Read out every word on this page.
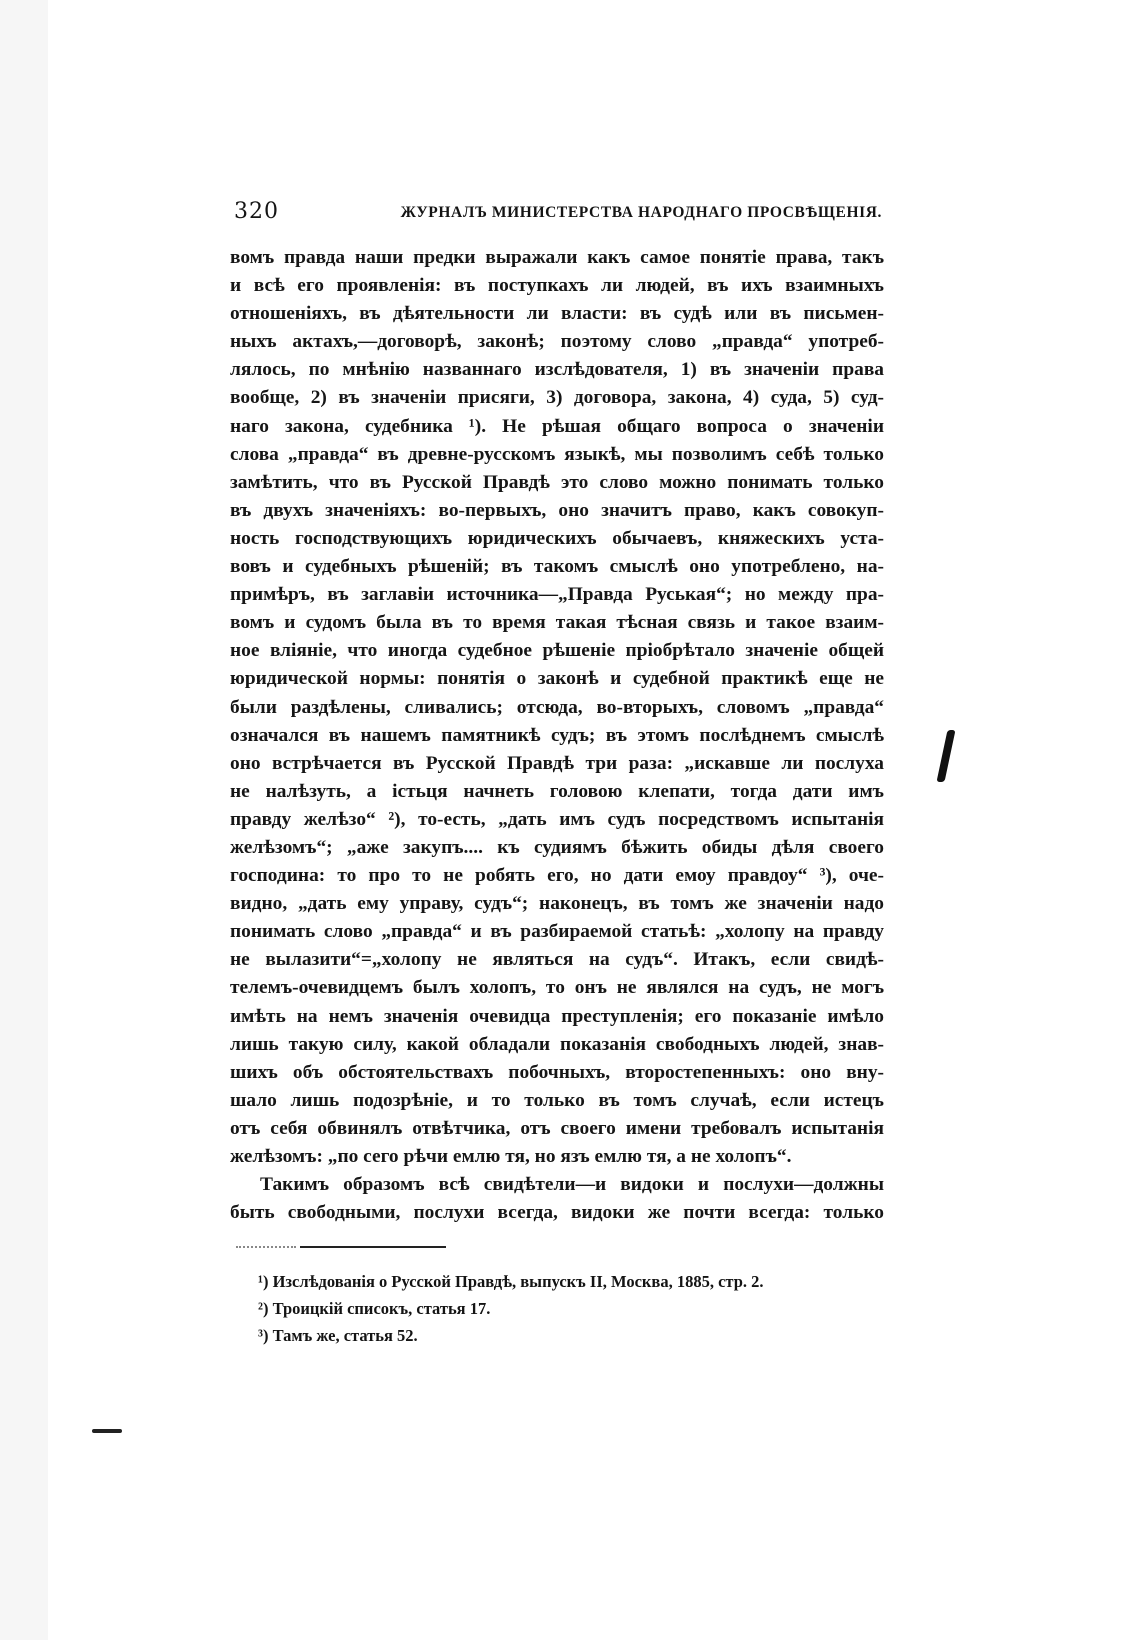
320	ЖУРНАЛЪ МИНИСТЕРСТВА НАРОДНАГО ПРОСВѢЩЕНІЯ.
вомъ правда наши предки выражали какъ самое понятіе права, такъ
и всѣ его проявленія: въ поступкахъ ли людей, въ ихъ взаимныхъ
отношеніяхъ, въ дѣятельности ли власти: въ судѣ или въ письмен-
ныхъ актахъ,—договорѣ, законѣ; поэтому слово „правда“ употреб-
лялось, по мнѣнію названнаго изслѣдователя, 1) въ значеніи права
вообще, 2) въ значеніи присяги, 3) договора, закона, 4) суда, 5) суд-
наго закона, судебника ¹). Не рѣшая общаго вопроса о значеніи
слова „правда“ въ древне-русскомъ языкѣ, мы позволимъ себѣ только
замѣтить, что въ Русской Правдѣ это слово можно понимать только
въ двухъ значеніяхъ: во-первыхъ, оно значитъ право, какъ совокуп-
ность господствующихъ юридическихъ обычаевъ, княжескихъ уста-
вовъ и судебныхъ рѣшеній; въ такомъ смыслѣ оно употреблено, на-
примѣръ, въ заглавіи источника—„Правда Руськая“; но между пра-
вомъ и судомъ была въ то время такая тѣсная связь и такое взаим-
ное вліяніе, что иногда судебное рѣшеніе пріобрѣтало значеніе общей
юридической нормы: понятія о законѣ и судебной практикѣ еще не
были раздѣлены, сливались; отсюда, во-вторыхъ, словомъ „правда“
означался въ нашемъ памятникѣ судъ; въ этомъ послѣднемъ смыслѣ
оно встрѣчается въ Русской Правдѣ три раза: „искавше ли послуха
не налѣзуть, а істьця начнеть головою клепати, тогда дати имъ
правду желѣзо“ ²), то-есть, „дать имъ судъ посредствомъ испытанія
желѣзомъ“; „аже закупъ.... къ судиямъ бѣжить обиды дѣля своего
господина: то про то не робять его, но дати емоу правдоу“ ³), оче-
видно, „дать ему управу, судъ“; наконецъ, въ томъ же значеніи надо
понимать слово „правда“ и въ разбираемой статьѣ: „холопу на правду
не вылазити“=„холопу не являться на судъ“. Итакъ, если свидѣ-
телемъ-очевидцемъ былъ холопъ, то онъ не являлся на судъ, не могъ
имѣть на немъ значенія очевидца преступленія; его показаніе имѣло
лишь такую силу, какой обладали показанія свободныхъ людей, знав-
шихъ объ обстоятельствахъ побочныхъ, второстепенныхъ: оно вну-
шало лишь подозрѣніе, и то только въ томъ случаѣ, если истецъ
отъ себя обвинялъ отвѣтчика, отъ своего имени требовалъ испытанія
желѣзомъ: „по сего рѣчи емлю тя, но язъ емлю тя, а не холопъ“.
Такимъ образомъ всѣ свидѣтели—и видоки и послухи—должны
быть свободными, послухи всегда, видоки же почти всегда: только
¹) Изслѣдованія о Русской Правдѣ, выпускъ II, Москва, 1885, стр. 2.
²) Троицкій списокъ, статья 17.
³) Тамъ же, статья 52.
